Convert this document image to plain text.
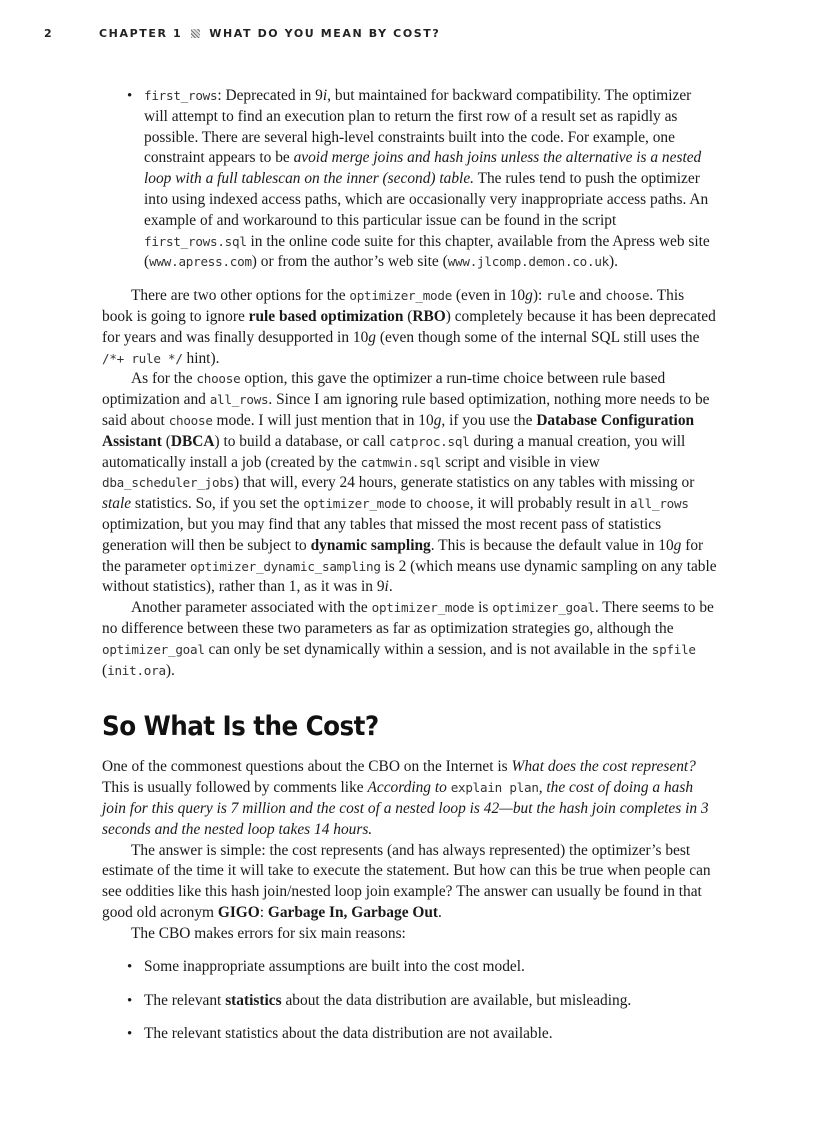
2	CHAPTER 1 WHAT DO YOU MEAN BY COST?
• first_rows: Deprecated in 9i, but maintained for backward compatibility. The optimizer will attempt to find an execution plan to return the first row of a result set as rapidly as possible. There are several high-level constraints built into the code. For example, one constraint appears to be avoid merge joins and hash joins unless the alternative is a nested loop with a full tablescan on the inner (second) table. The rules tend to push the optimizer into using indexed access paths, which are occasionally very inappropriate access paths. An example of and workaround to this particular issue can be found in the script first_rows.sql in the online code suite for this chapter, available from the Apress web site (www.apress.com) or from the author’s web site (www.jlcomp.demon.co.uk).

There are two other options for the optimizer_mode (even in 10g): rule and choose. This book is going to ignore rule based optimization (RBO) completely because it has been deprecated for years and was finally desupported in 10g (even though some of the internal SQL still uses the /*+ rule */ hint).

As for the choose option, this gave the optimizer a run-time choice between rule based optimization and all_rows. Since I am ignoring rule based optimization, nothing more needs to be said about choose mode. I will just mention that in 10g, if you use the Database Configuration Assistant (DBCA) to build a database, or call catproc.sql during a manual creation, you will automatically install a job (created by the catmwin.sql script and visible in view dba_scheduler_jobs) that will, every 24 hours, generate statistics on any tables with missing or stale statistics. So, if you set the optimizer_mode to choose, it will probably result in all_rows optimization, but you may find that any tables that missed the most recent pass of statistics generation will then be subject to dynamic sampling. This is because the default value in 10g for the parameter optimizer_dynamic_sampling is 2 (which means use dynamic sampling on any table without statistics), rather than 1, as it was in 9i.

Another parameter associated with the optimizer_mode is optimizer_goal. There seems to be no difference between these two parameters as far as optimization strategies go, although the optimizer_goal can only be set dynamically within a session, and is not available in the spfile (init.ora).

So What Is the Cost?

One of the commonest questions about the CBO on the Internet is What does the cost represent? This is usually followed by comments like According to explain plan, the cost of doing a hash join for this query is 7 million and the cost of a nested loop is 42—but the hash join completes in 3 seconds and the nested loop takes 14 hours.

The answer is simple: the cost represents (and has always represented) the optimizer’s best estimate of the time it will take to execute the statement. But how can this be true when people can see oddities like this hash join/nested loop join example? The answer can usually be found in that good old acronym GIGO: Garbage In, Garbage Out.

The CBO makes errors for six main reasons:

• Some inappropriate assumptions are built into the cost model.
• The relevant statistics about the data distribution are available, but misleading.
• The relevant statistics about the data distribution are not available.
